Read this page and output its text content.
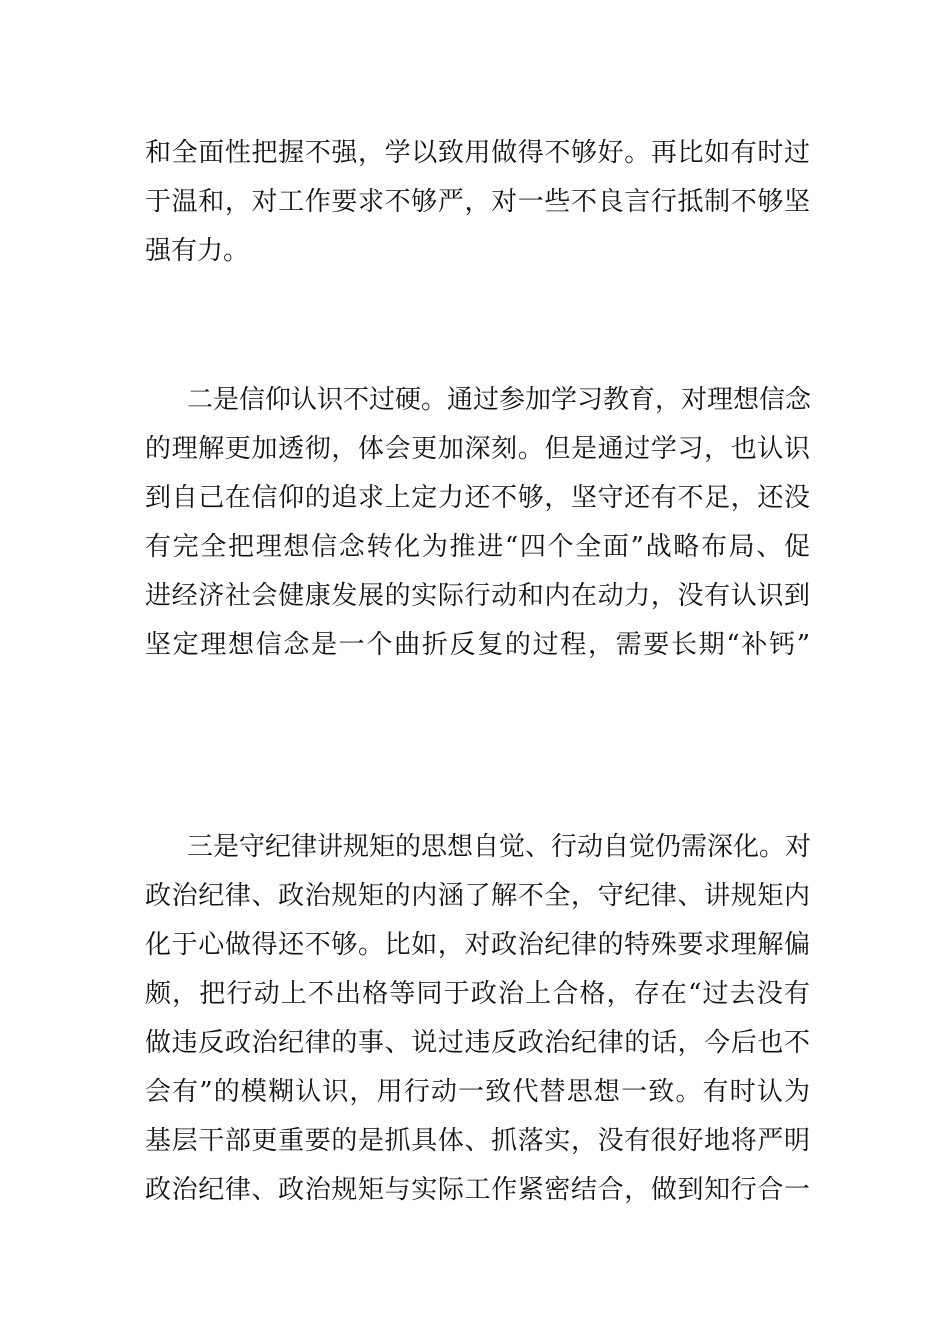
和全面性把握不强，学以致用做得不够好。再比如有时过
于温和，对工作要求不够严，对一些不良言行抵制不够坚
强有力。
二是信仰认识不过硬。通过参加学习教育，对理想信念
的理解更加透彻，体会更加深刻。但是通过学习，也认识
到自己在信仰的追求上定力还不够，坚守还有不足，还没
有完全把理想信念转化为推进“四个全面”战略布局、促
进经济社会健康发展的实际行动和内在动力，没有认识到
坚定理想信念是一个曲折反复的过程，需要长期“补钙”
三是守纪律讲规矩的思想自觉、行动自觉仍需深化。对
政治纪律、政治规矩的内涵了解不全，守纪律、讲规矩内
化于心做得还不够。比如，对政治纪律的特殊要求理解偏
颇，把行动上不出格等同于政治上合格，存在“过去没有
做违反政治纪律的事、说过违反政治纪律的话，今后也不
会有”的模糊认识，用行动一致代替思想一致。有时认为
基层干部更重要的是抓具体、抓落实，没有很好地将严明
政治纪律、政治规矩与实际工作紧密结合，做到知行合一
